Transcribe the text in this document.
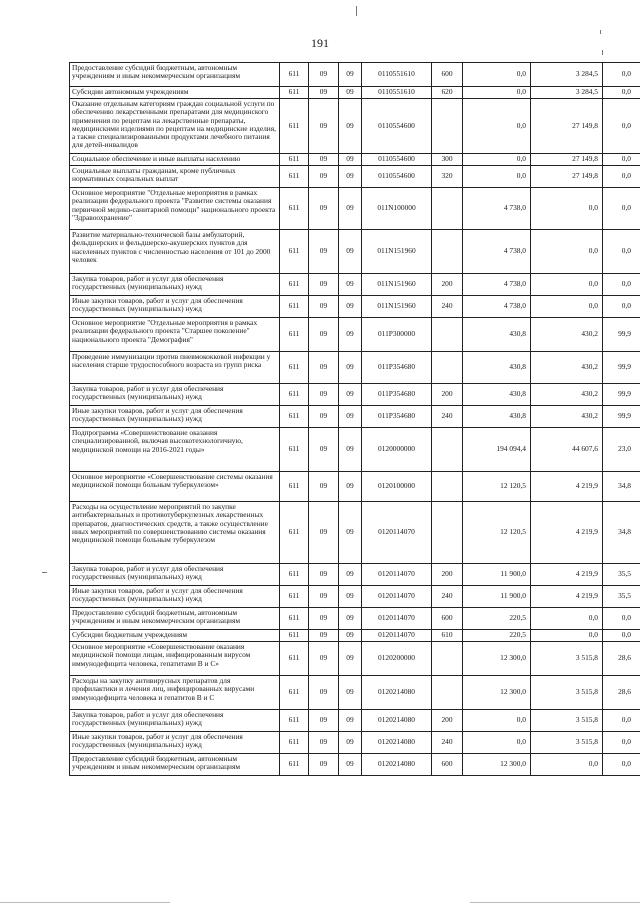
191
Предоставление субсидий бюджетным, автономным учреждениям и иным некоммерческим организациям	611	09	09	0110551610	600	0,0	3 284,5	0,0
Субсидии автономным учреждениям	611	09	09	0110551610	620	0,0	3 284,5	0,0
Оказание отдельным категориям граждан социальной услуги по обеспечению лекарственными препаратами для медицинского применения по рецептам на лекарственные препараты, медицинскими изделиями по рецептам на медицинские изделия, а также специализированными продуктами лечебного питания для детей-инвалидов	611	09	09	0110554600		0,0	27 149,8	0,0
Социальное обеспечение и иные выплаты населению	611	09	09	0110554600	300	0,0	27 149,8	0,0
Социальные выплаты гражданам, кроме публичных нормативных социальных выплат	611	09	09	0110554600	320	0,0	27 149,8	0,0
Основное мероприятие "Отдельные мероприятия в рамках реализации федерального проекта "Развитие системы оказания первичной медико-санитарной помощи" национального проекта "Здравоохранение"	611	09	09	011N100000		4 738,0	0,0	0,0
Развитие материально-технической базы амбулаторий, фельдшерских и фельдшерско-акушерских пунктов для населенных пунктов с численностью населения от 101 до 2000 человек	611	09	09	011N151960		4 738,0	0,0	0,0
Закупка товаров, работ и услуг для обеспечения государственных (муниципальных) нужд	611	09	09	011N151960	200	4 738,0	0,0	0,0
Иные закупки товаров, работ и услуг для обеспечения государственных (муниципальных) нужд	611	09	09	011N151960	240	4 738,0	0,0	0,0
Основное мероприятие "Отдельные мероприятия в рамках реализации федерального проекта "Старшее поколение" национального проекта "Демография"	611	09	09	011P300000		430,8	430,2	99,9
Проведение иммунизации против пневмококковой инфекции у населения старше трудоспособного возраста из групп риска	611	09	09	011P354680		430,8	430,2	99,9
Закупка товаров, работ и услуг для обеспечения государственных (муниципальных) нужд	611	09	09	011P354680	200	430,8	430,2	99,9
Иные закупки товаров, работ и услуг для обеспечения государственных (муниципальных) нужд	611	09	09	011P354680	240	430,8	430,2	99,9
Подпрограмма «Совершенствование оказания специализированной, включая высокотехнологичную, медицинской помощи на 2016-2021 годы»	611	09	09	0120000000		194 094,4	44 607,6	23,0
Основное мероприятие «Совершенствование системы оказания медицинской помощи больным туберкулезом»	611	09	09	0120100000		12 120,5	4 219,9	34,8
Расходы на осуществление мероприятий по закупке антибактериальных и противотуберкулезных лекарственных препаратов, диагностических средств, а также осуществление иных мероприятий по совершенствованию системы оказания медицинской помощи больным туберкулезом	611	09	09	0120114070		12 120,5	4 219,9	34,8
Закупка товаров, работ и услуг для обеспечения государственных (муниципальных) нужд	611	09	09	0120114070	200	11 900,0	4 219,9	35,5
Иные закупки товаров, работ и услуг для обеспечения государственных (муниципальных) нужд	611	09	09	0120114070	240	11 900,0	4 219,9	35,5
Предоставление субсидий бюджетным, автономным учреждениям и иным некоммерческим организациям	611	09	09	0120114070	600	220,5	0,0	0,0
Субсидии бюджетным учреждениям	611	09	09	0120114070	610	220,5	0,0	0,0
Основное мероприятие «Совершенствование оказания медицинской помощи лицам, инфицированным вирусом иммунодефицита человека, гепатитами B и C»	611	09	09	0120200000		12 300,0	3 515,8	28,6
Расходы на закупку антивирусных препаратов для профилактики и лечения лиц, инфицированных вирусами иммунодефицита человека и гепатитов B и C	611	09	09	0120214080		12 300,0	3 515,8	28,6
Закупка товаров, работ и услуг для обеспечения государственных (муниципальных) нужд	611	09	09	0120214080	200	0,0	3 515,8	0,0
Иные закупки товаров, работ и услуг для обеспечения государственных (муниципальных) нужд	611	09	09	0120214080	240	0,0	3 515,8	0,0
Предоставление субсидий бюджетным, автономным учреждениям и иным некоммерческим организациям	611	09	09	0120214080	600	12 300,0	0,0	0,0
